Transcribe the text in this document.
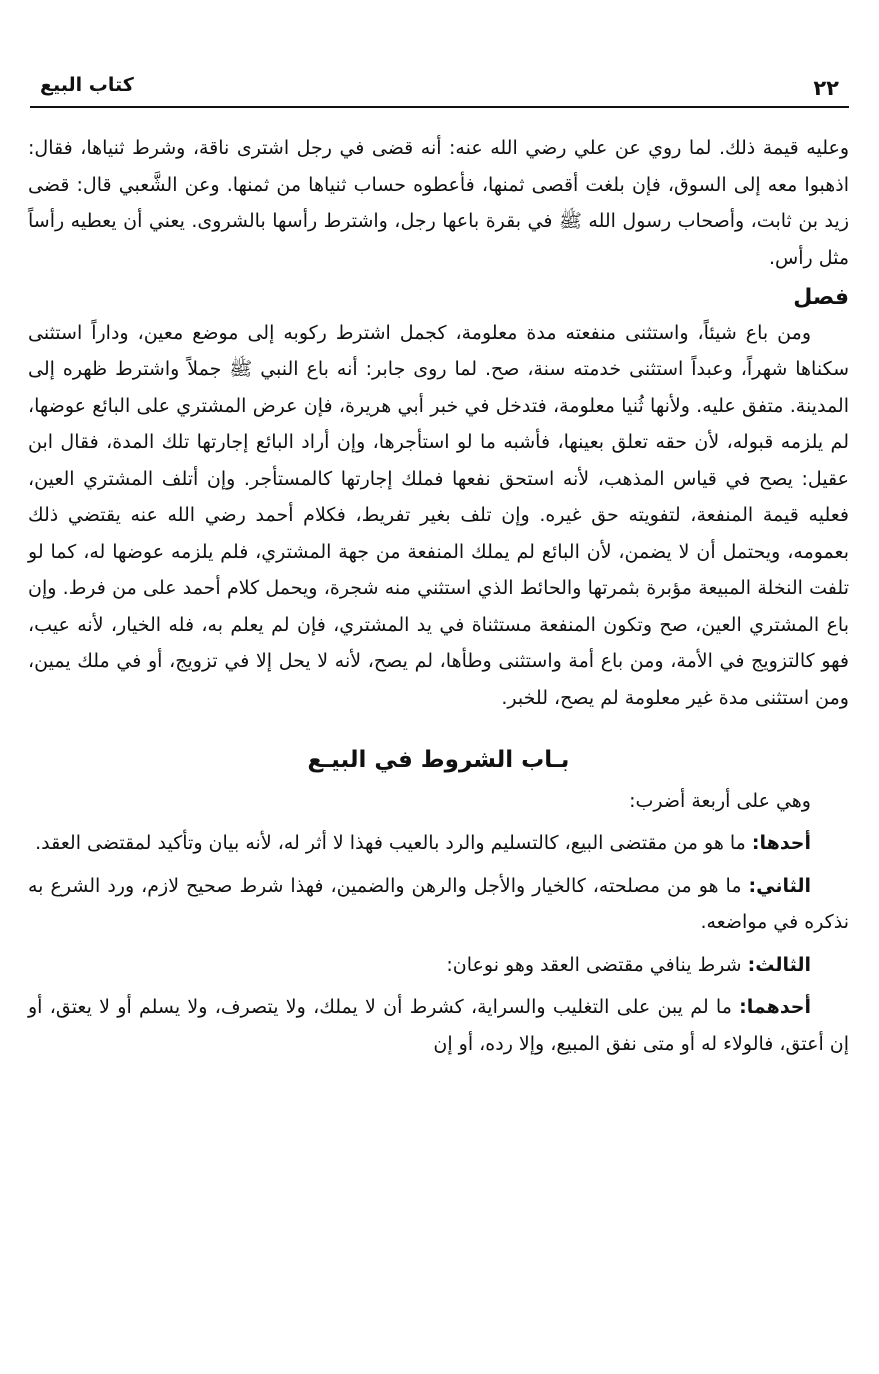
٢٢
كتاب البيع

وعليه قيمة ذلك. لما روي عن علي رضي الله عنه: أنه قضى في رجل اشترى ناقة، وشرط ثنياها، فقال: اذهبوا معه إلى السوق، فإن بلغت أقصى ثمنها، فأعطوه حساب ثنياها من ثمنها. وعن الشَّعبي قال: قضى زيد بن ثابت، وأصحاب رسول الله ﷺ في بقرة باعها رجل، واشترط رأسها بالشروى. يعني أن يعطيه رأساً مثل رأس.

فصل

ومن باع شيئاً، واستثنى منفعته مدة معلومة، كجمل اشترط ركوبه إلى موضع معين، وداراً استثنى سكناها شهراً، وعبداً استثنى خدمته سنة، صح. لما روى جابر: أنه باع النبي ﷺ جملاً واشترط ظهره إلى المدينة. متفق عليه. ولأنها ثُنيا معلومة، فتدخل في خبر أبي هريرة، فإن عرض المشتري على البائع عوضها، لم يلزمه قبوله، لأن حقه تعلق بعينها، فأشبه ما لو استأجرها، وإن أراد البائع إجارتها تلك المدة، فقال ابن عقيل: يصح في قياس المذهب، لأنه استحق نفعها فملك إجارتها كالمستأجر. وإن أتلف المشتري العين، فعليه قيمة المنفعة، لتفويته حق غيره. وإن تلف بغير تفريط، فكلام أحمد رضي الله عنه يقتضي ذلك بعمومه، ويحتمل أن لا يضمن، لأن البائع لم يملك المنفعة من جهة المشتري، فلم يلزمه عوضها له، كما لو تلفت النخلة المبيعة مؤبرة بثمرتها والحائط الذي استثني منه شجرة، ويحمل كلام أحمد على من فرط. وإن باع المشتري العين، صح وتكون المنفعة مستثناة في يد المشتري، فإن لم يعلم به، فله الخيار، لأنه عيب، فهو كالتزويج في الأمة، ومن باع أمة واستثنى وطأها، لم يصح، لأنه لا يحل إلا في تزويج، أو في ملك يمين، ومن استثنى مدة غير معلومة لم يصح، للخبر.

بـاب الشروط في البيـع

وهي على أربعة أضرب:

أحدها: ما هو من مقتضى البيع، كالتسليم والرد بالعيب فهذا لا أثر له، لأنه بيان وتأكيد لمقتضى العقد.

الثاني: ما هو من مصلحته، كالخيار والأجل والرهن والضمين، فهذا شرط صحيح لازم، ورد الشرع به نذكره في مواضعه.

الثالث: شرط ينافي مقتضى العقد وهو نوعان:

أحدهما: ما لم يبن على التغليب والسراية، كشرط أن لا يملك، ولا يتصرف، ولا يسلم أو لا يعتق، أو إن أعتق، فالولاء له أو متى نفق المبيع، وإلا رده، أو إن
